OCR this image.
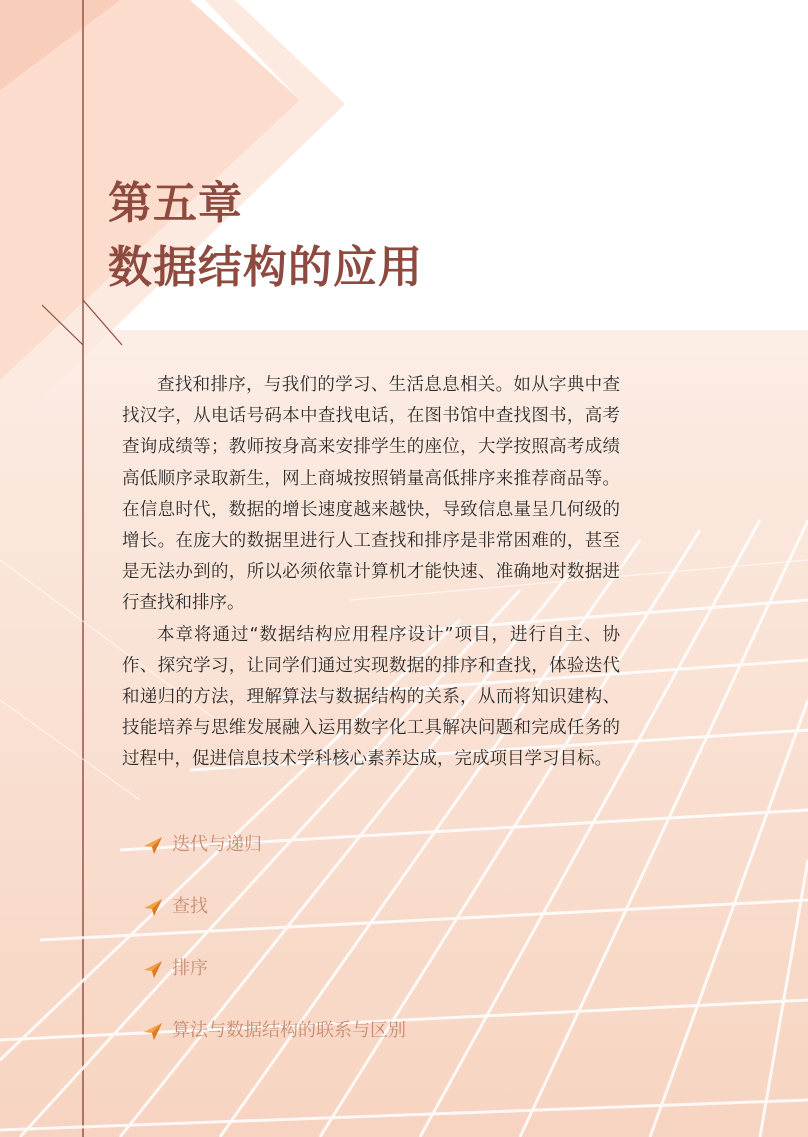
第五章
数据结构的应用

查找和排序，与我们的学习、生活息息相关。如从字典中查找汉字，从电话号码本中查找电话，在图书馆中查找图书，高考查询成绩等；教师按身高来安排学生的座位，大学按照高考成绩高低顺序录取新生，网上商城按照销量高低排序来推荐商品等。在信息时代，数据的增长速度越来越快，导致信息量呈几何级的增长。在庞大的数据里进行人工查找和排序是非常困难的，甚至是无法办到的，所以必须依靠计算机才能快速、准确地对数据进行查找和排序。

本章将通过“数据结构应用程序设计”项目，进行自主、协作、探究学习，让同学们通过实现数据的排序和查找，体验迭代和递归的方法，理解算法与数据结构的关系，从而将知识建构、技能培养与思维发展融入运用数字化工具解决问题和完成任务的过程中，促进信息技术学科核心素养达成，完成项目学习目标。

迭代与递归
查找
排序
算法与数据结构的联系与区别
